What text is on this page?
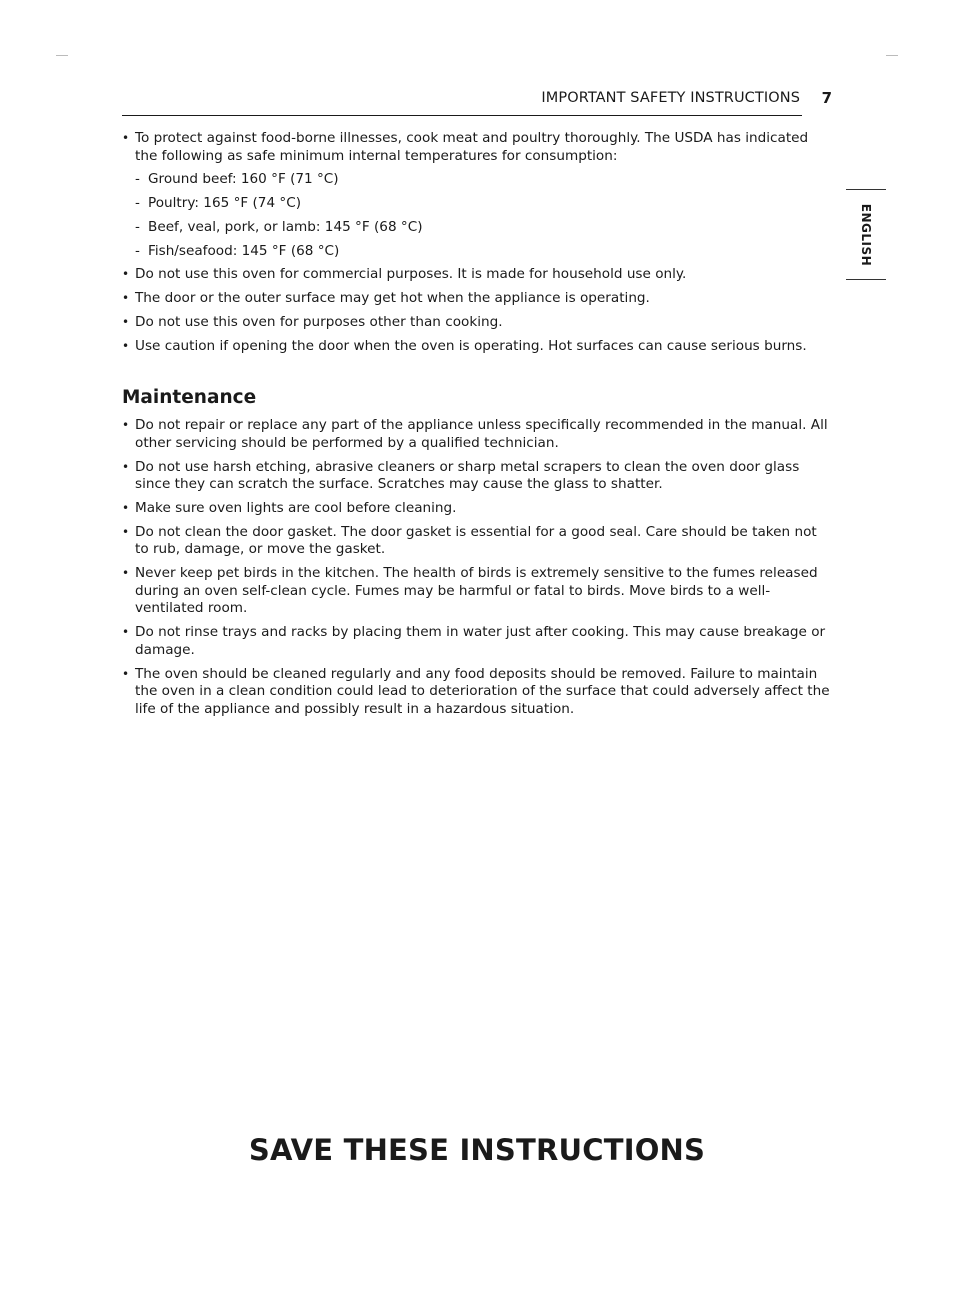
IMPORTANT SAFETY INSTRUCTIONS 7
ENGLISH
• To protect against food-borne illnesses, cook meat and poultry thoroughly. The USDA has indicated the following as safe minimum internal temperatures for consumption:
- Ground beef: 160 °F (71 °C)
- Poultry: 165 °F (74 °C)
- Beef, veal, pork, or lamb: 145 °F (68 °C)
- Fish/seafood: 145 °F (68 °C)
• Do not use this oven for commercial purposes. It is made for household use only.
• The door or the outer surface may get hot when the appliance is operating.
• Do not use this oven for purposes other than cooking.
• Use caution if opening the door when the oven is operating. Hot surfaces can cause serious burns.
Maintenance
• Do not repair or replace any part of the appliance unless specifically recommended in the manual. All other servicing should be performed by a qualified technician.
• Do not use harsh etching, abrasive cleaners or sharp metal scrapers to clean the oven door glass since they can scratch the surface. Scratches may cause the glass to shatter.
• Make sure oven lights are cool before cleaning.
• Do not clean the door gasket. The door gasket is essential for a good seal. Care should be taken not to rub, damage, or move the gasket.
• Never keep pet birds in the kitchen. The health of birds is extremely sensitive to the fumes released during an oven self-clean cycle. Fumes may be harmful or fatal to birds. Move birds to a well-ventilated room.
• Do not rinse trays and racks by placing them in water just after cooking. This may cause breakage or damage.
• The oven should be cleaned regularly and any food deposits should be removed. Failure to maintain the oven in a clean condition could lead to deterioration of the surface that could adversely affect the life of the appliance and possibly result in a hazardous situation.
SAVE THESE INSTRUCTIONS
